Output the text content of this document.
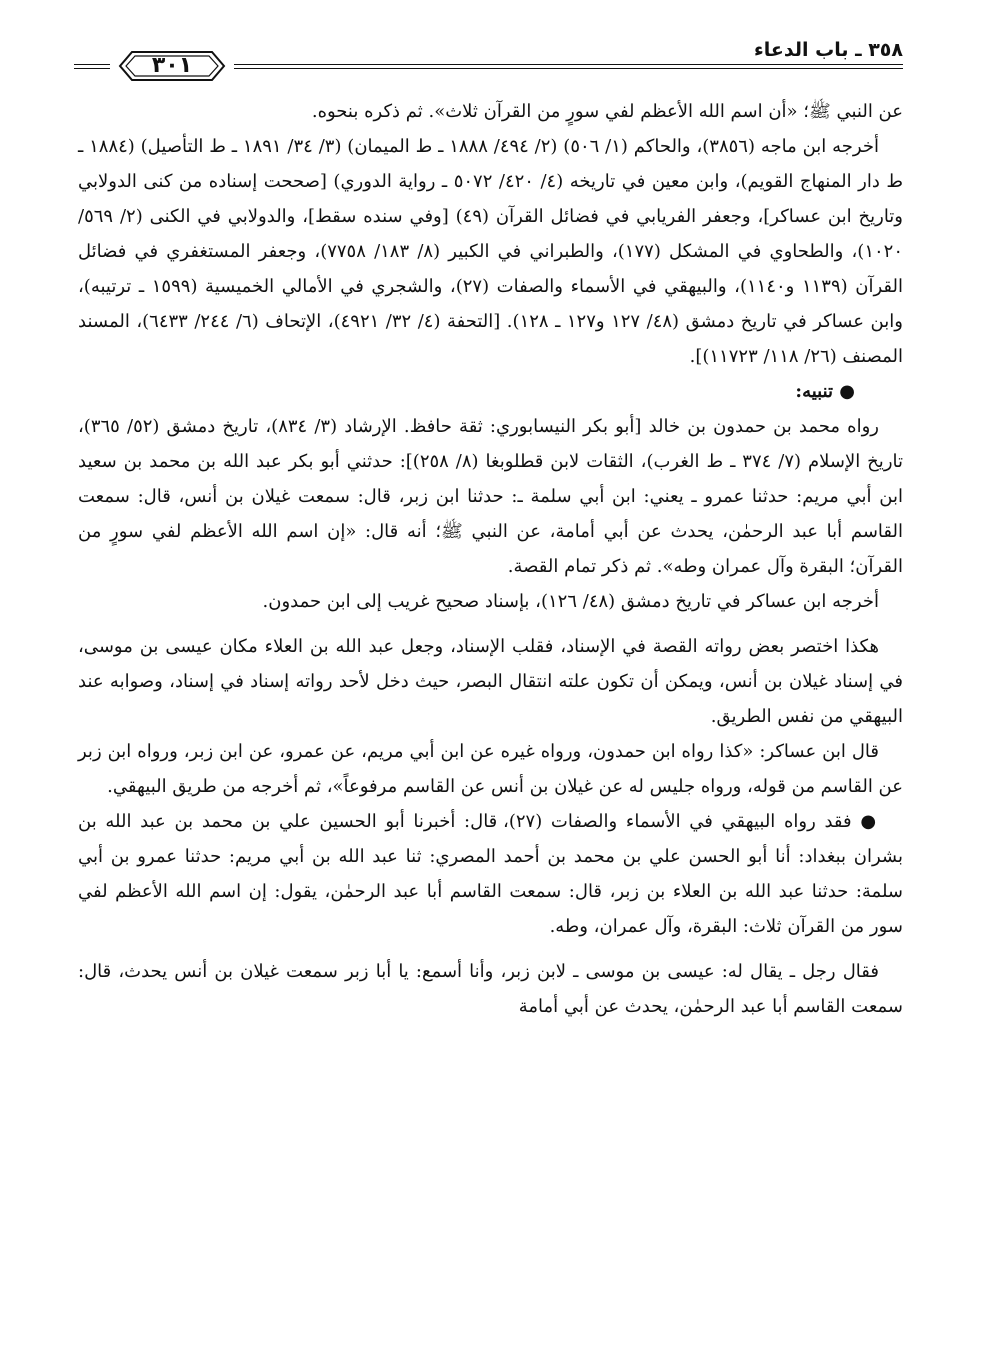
٣٥٨ ـ باب الدعاء
٣٠١

عن النبي ﷺ؛ «أن اسم الله الأعظم لفي سورٍ من القرآن ثلاث». ثم ذكره بنحوه.

أخرجه ابن ماجه (٣٨٥٦)، والحاكم (١/ ٥٠٦) (٢/ ٤٩٤/ ١٨٨٨ ـ ط الميمان) (٣/ ٣٤/ ١٨٩١ ـ ط التأصيل) (١٨٨٤ ـ ط دار المنهاج القويم)، وابن معين في تاريخه (٤/ ٤٢٠/ ٥٠٧٢ ـ رواية الدوري) [صححت إسناده من كنى الدولابي وتاريخ ابن عساكر]، وجعفر الفريابي في فضائل القرآن (٤٩) [وفي سنده سقط]، والدولابي في الكنى (٢/ ٥٦٩/ ١٠٢٠)، والطحاوي في المشكل (١٧٧)، والطبراني في الكبير (٨/ ١٨٣/ ٧٧٥٨)، وجعفر المستغفري في فضائل القرآن (١١٣٩ و١١٤٠)، والبيهقي في الأسماء والصفات (٢٧)، والشجري في الأمالي الخميسية (١٥٩٩ ـ ترتيبه)، وابن عساكر في تاريخ دمشق (٤٨/ ١٢٧ و١٢٧ ـ ١٢٨). [التحفة (٤/ ٣٢/ ٤٩٢١)، الإتحاف (٦/ ٢٤٤/ ٦٤٣٣)، المسند المصنف (٢٦/ ١١٨/ ١١٧٢٣)].

● تنبيه:

رواه محمد بن حمدون بن خالد [أبو بكر النيسابوري: ثقة حافظ. الإرشاد (٣/ ٨٣٤)، تاريخ دمشق (٥٢/ ٣٦٥)، تاريخ الإسلام (٧/ ٣٧٤ ـ ط الغرب)، الثقات لابن قطلوبغا (٨/ ٢٥٨)]: حدثني أبو بكر عبد الله بن محمد بن سعيد ابن أبي مريم: حدثنا عمرو ـ يعني: ابن أبي سلمة ـ: حدثنا ابن زبر، قال: سمعت غيلان بن أنس، قال: سمعت القاسم أبا عبد الرحمٰن، يحدث عن أبي أمامة، عن النبي ﷺ؛ أنه قال: «إن اسم الله الأعظم لفي سورٍ من القرآن؛ البقرة وآل عمران وطه». ثم ذكر تمام القصة.

أخرجه ابن عساكر في تاريخ دمشق (٤٨/ ١٢٦)، بإسناد صحيح غريب إلى ابن حمدون.

هكذا اختصر بعض رواته القصة في الإسناد، فقلب الإسناد، وجعل عبد الله بن العلاء مكان عيسى بن موسى، في إسناد غيلان بن أنس، ويمكن أن تكون علته انتقال البصر، حيث دخل لأحد رواته إسناد في إسناد، وصوابه عند البيهقي من نفس الطريق.

قال ابن عساكر: «كذا رواه ابن حمدون، ورواه غيره عن ابن أبي مريم، عن عمرو، عن ابن زبر، ورواه ابن زبر عن القاسم من قوله، ورواه جليس له عن غيلان بن أنس عن القاسم مرفوعاً»، ثم أخرجه من طريق البيهقي.

● فقد رواه البيهقي في الأسماء والصفات (٢٧)، قال: أخبرنا أبو الحسين علي بن محمد بن عبد الله بن بشران ببغداد: أنا أبو الحسن علي بن محمد بن أحمد المصري: ثنا عبد الله بن أبي مريم: حدثنا عمرو بن أبي سلمة: حدثنا عبد الله بن العلاء بن زبر، قال: سمعت القاسم أبا عبد الرحمٰن، يقول: إن اسم الله الأعظم لفي سور من القرآن ثلاث: البقرة، وآل عمران، وطه.

فقال رجل ـ يقال له: عيسى بن موسى ـ لابن زبر، وأنا أسمع: يا أبا زبر سمعت غيلان بن أنس يحدث، قال: سمعت القاسم أبا عبد الرحمٰن، يحدث عن أبي أمامة
